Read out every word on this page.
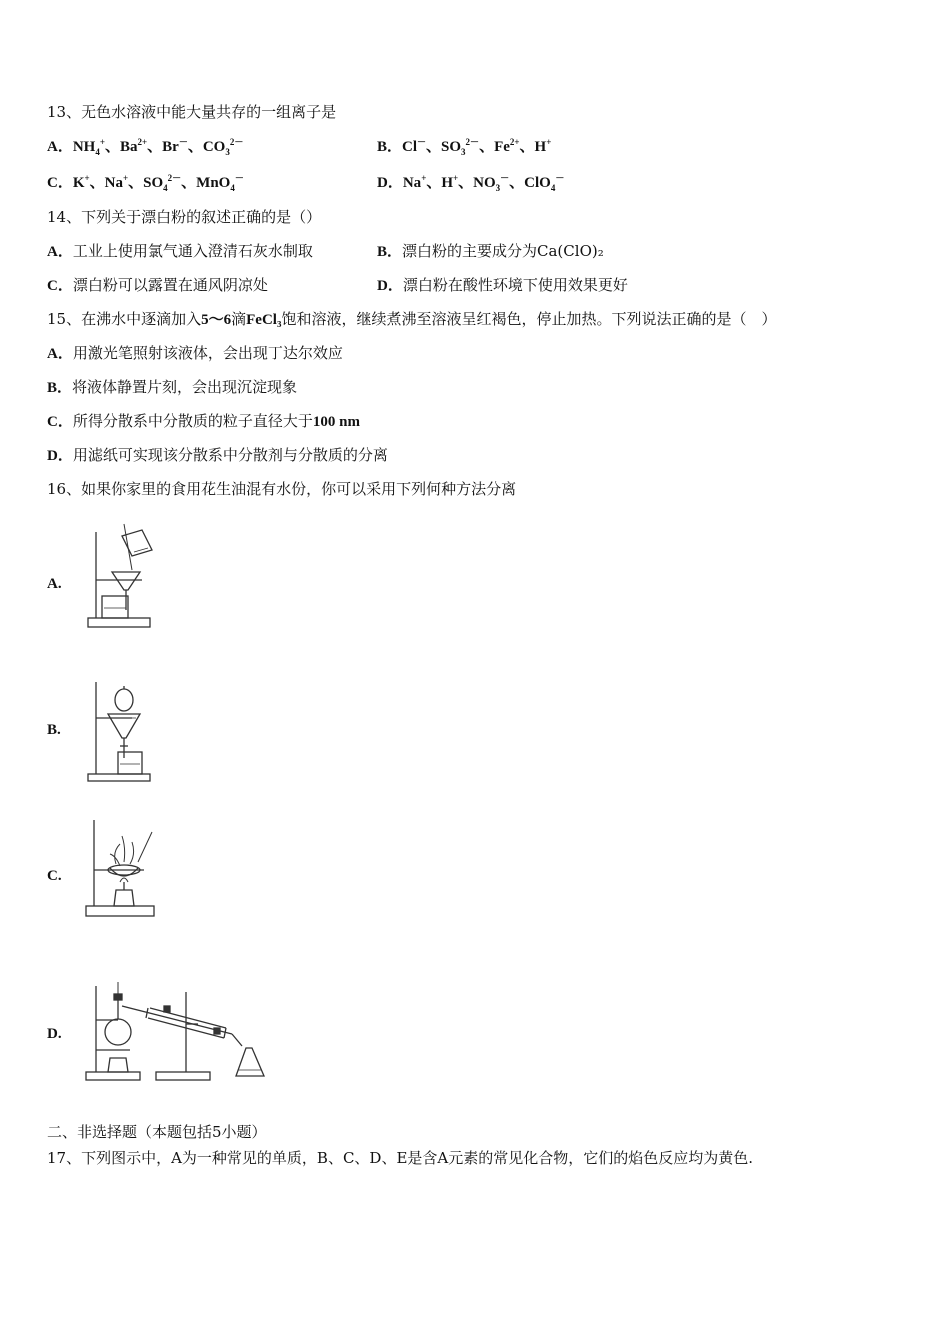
13、无色水溶液中能大量共存的一组离子是
A．$NH_4^+$、$Ba^{2+}$、Br－、$CO_3^{2-}$	B．Cl－、$SO_3^{2-}$、$Fe^{2+}$、H+
C．K+、Na+、$SO_4^{2-}$、MnO$_4$－	D．Na+、H+、$NO_3^-$、ClO$_4$－
14、下列关于漂白粉的叙述正确的是（）
A．工业上使用氯气通入澄清石灰水制取	B．漂白粉的主要成分为Ca(ClO)₂
C．漂白粉可以露置在通风阴凉处	D．漂白粉在酸性环境下使用效果更好
15、在沸水中逐滴加入5～6滴FeCl₃饱和溶液，继续煮沸至溶液呈红褐色，停止加热。下列说法正确的是（　）
A．用激光笔照射该液体，会出现丁达尔效应
B．将液体静置片刻，会出现沉淀现象
C．所得分散系中分散质的粒子直径大于100 nm
D．用滤纸可实现该分散系中分散剂与分散质的分离
16、如果你家里的食用花生油混有水份，你可以采用下列何种方法分离
A.
B.
C.
D.
二、非选择题（本题包括5小题）
17、下列图示中，A为一种常见的单质，B、C、D、E是含A元素的常见化合物，它们的焰色反应均为黄色.
